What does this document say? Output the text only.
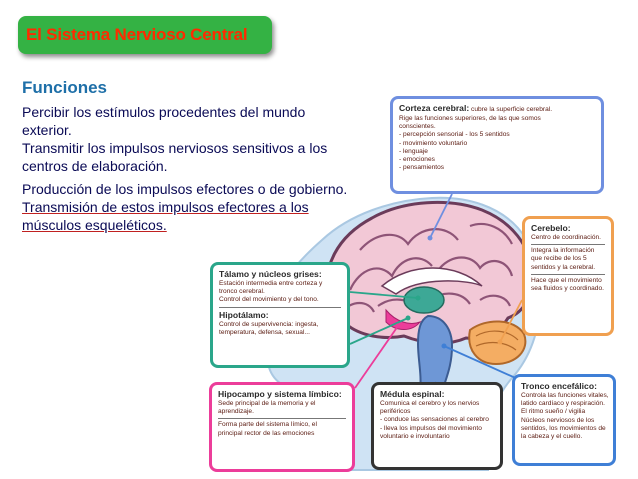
El Sistema Nervioso Central
Funciones
Percibir los estímulos procedentes del mundo
exterior.
Transmitir los impulsos nerviosos sensitivos a los
centros de elaboración.
Producción de los impulsos efectores o de gobierno.
Transmisión de estos impulsos efectores a los
músculos esqueléticos.
Corteza cerebral: cubre la superficie cerebral.
Rige las funciones superiores, de las que somos
conscientes.
- percepción sensorial - los 5 sentidos
- movimiento voluntario
- lenguaje
- emociones
- pensamientos
Cerebelo:
Centro de coordinación.
Integra la información
que recibe de los 5
sentidos y la cerebral.
Hace que el movimiento
sea fluidos y coordinado.
Tálamo y núcleos grises:
Estación intermedia entre corteza y
tronco cerebral.
Control del movimiento y del tono.
Hipotálamo:
Control de supervivencia: ingesta,
temperatura, defensa, sexual...
Hipocampo y sistema límbico:
Sede principal de la memoria y el
aprendizaje.
Forma parte del sistema límico, el
principal rector de las emociones
Médula espinal:
Comunica el cerebro y los nervios
periféricos
- conduce las sensaciones al cerebro
- lleva los impulsos del movimiento
voluntario e involuntario
Tronco encefálico:
Controla las funciones vitales,
latido cardíaco y respiración.
El ritmo sueño / vigilia
Núcleos nerviosos de los
sentidos, los movimientos de
la cabeza y el cuello.
